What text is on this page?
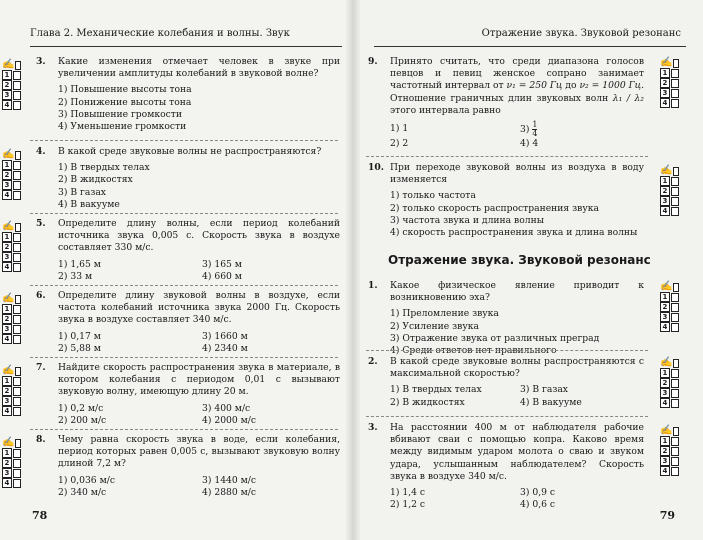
Глава 2. Механические колебания и волны. Звук
✍
1
2
3
4
3.	Какие изменения отмечает человек в звуке при увеличении амплитуды колебаний в звуковой волне?
1) Повышение высоты тона
2) Понижение высоты тона
3) Повышение громкости
4) Уменьшение громкости
✍
1
2
3
4
4.	В какой среде звуковые волны не распространяются?
1) В твердых телах
2) В жидкостях
3) В газах
4) В вакууме
✍
1
2
3
4
5.	Определите длину волны, если период колебаний источника звука 0,005 с. Скорость звука в воздухе составляет 330 м/с.
1) 1,65 м	3) 165 м
2) 33 м	4) 660 м
✍
1
2
3
4
6.	Определите длину звуковой волны в воздухе, если частота колебаний источника звука 2000 Гц. Скорость звука в воздухе составляет 340 м/с.
1) 0,17 м	3) 1660 м
2) 5,88 м	4) 2340 м
✍
1
2
3
4
7.	Найдите скорость распространения звука в материале, в котором колебания с периодом 0,01 с вызывают звуковую волну, имеющую длину 20 м.
1) 0,2 м/с	3) 400 м/с
2) 200 м/с	4) 2000 м/с
✍
1
2
3
4
8.	Чему равна скорость звука в воде, если колебания, период которых равен 0,005 с, вызывают звуковую волну длиной 7,2 м?
1) 0,036 м/с	3) 1440 м/с
2) 340 м/с	4) 2880 м/с
78
Отражение звука. Звуковой резонанс
✍
1
2
3
4
9.	Принято считать, что среди диапазона голосов певцов и певиц женское сопрано занимает частотный интервал от ν₁ = 250 Гц до ν₂ = 1000 Гц. Отношение граничных длин звуковых волн λ₁ / λ₂ этого интервала равно
1) 1	$3) \frac{1}{4}$
2) 2	4) 4
✍
1
2
3
4
10. При переходе звуковой волны из воздуха в воду изменяется
1) только частота
2) только скорость распространения звука
3) частота звука и длина волны
4) скорость распространения звука и длина волны
Отражение звука. Звуковой резонанс
✍
1
2
3
4
1.	Какое физическое явление приводит к возникновению эха?
1) Преломление звука
2) Усиление звука
3) Отражение звука от различных преград
4) Среди ответов нет правильного
✍
1
2
3
4
2.	В какой среде звуковые волны распространяются с максимальной скоростью?
1) В твердых телах	3) В газах
2) В жидкостях	4) В вакууме
✍
1
2
3
4
3.	На расстоянии 400 м от наблюдателя рабочие вбивают сваи с помощью копра. Каково время между видимым ударом молота о сваю и звуком удара, услышанным наблюдателем? Скорость звука в воздухе 340 м/с.
1) 1,4 с	3) 0,9 с
2) 1,2 с	4) 0,6 с
79
